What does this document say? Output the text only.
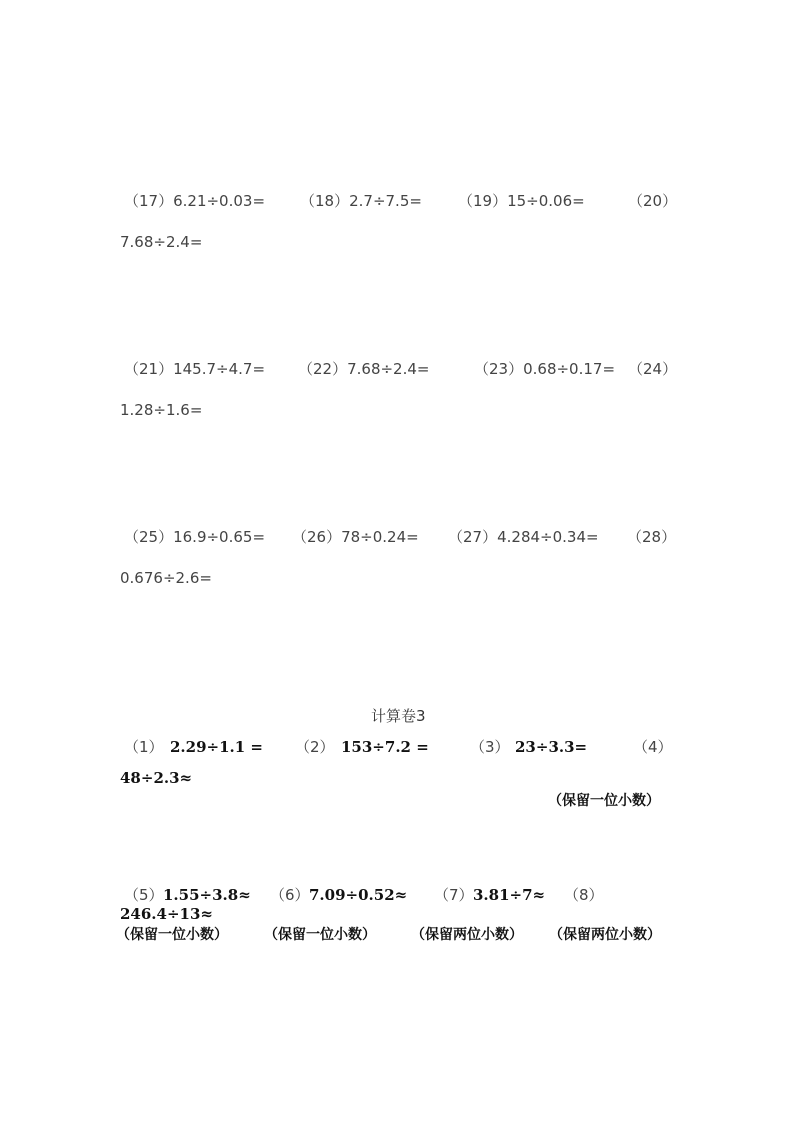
（17）6.21÷0.03= （18）2.7÷7.5= （19）15÷0.06=	（20）
7.68÷2.4=
（21）145.7÷4.7= （22）7.68÷2.4=	（23）0.68÷0.17= （24）
1.28÷1.6=
（25）16.9÷0.65= （26）78÷0.24= （27）4.284÷0.34= （28）
0.676÷2.6=
计算卷3
（1） 2.29÷1.1 = （2） 153÷7.2 =	（3） 23÷3.3=	（4）
48÷2.3≈
（保留一位小数）
（5） 1.55÷3.8≈ （6） 7.09÷0.52≈ （7） 3.81÷7≈ （8）
246.4÷13≈
（保留一位小数）	（保留一位小数）	（保留两位小数） （保留两位小数）
